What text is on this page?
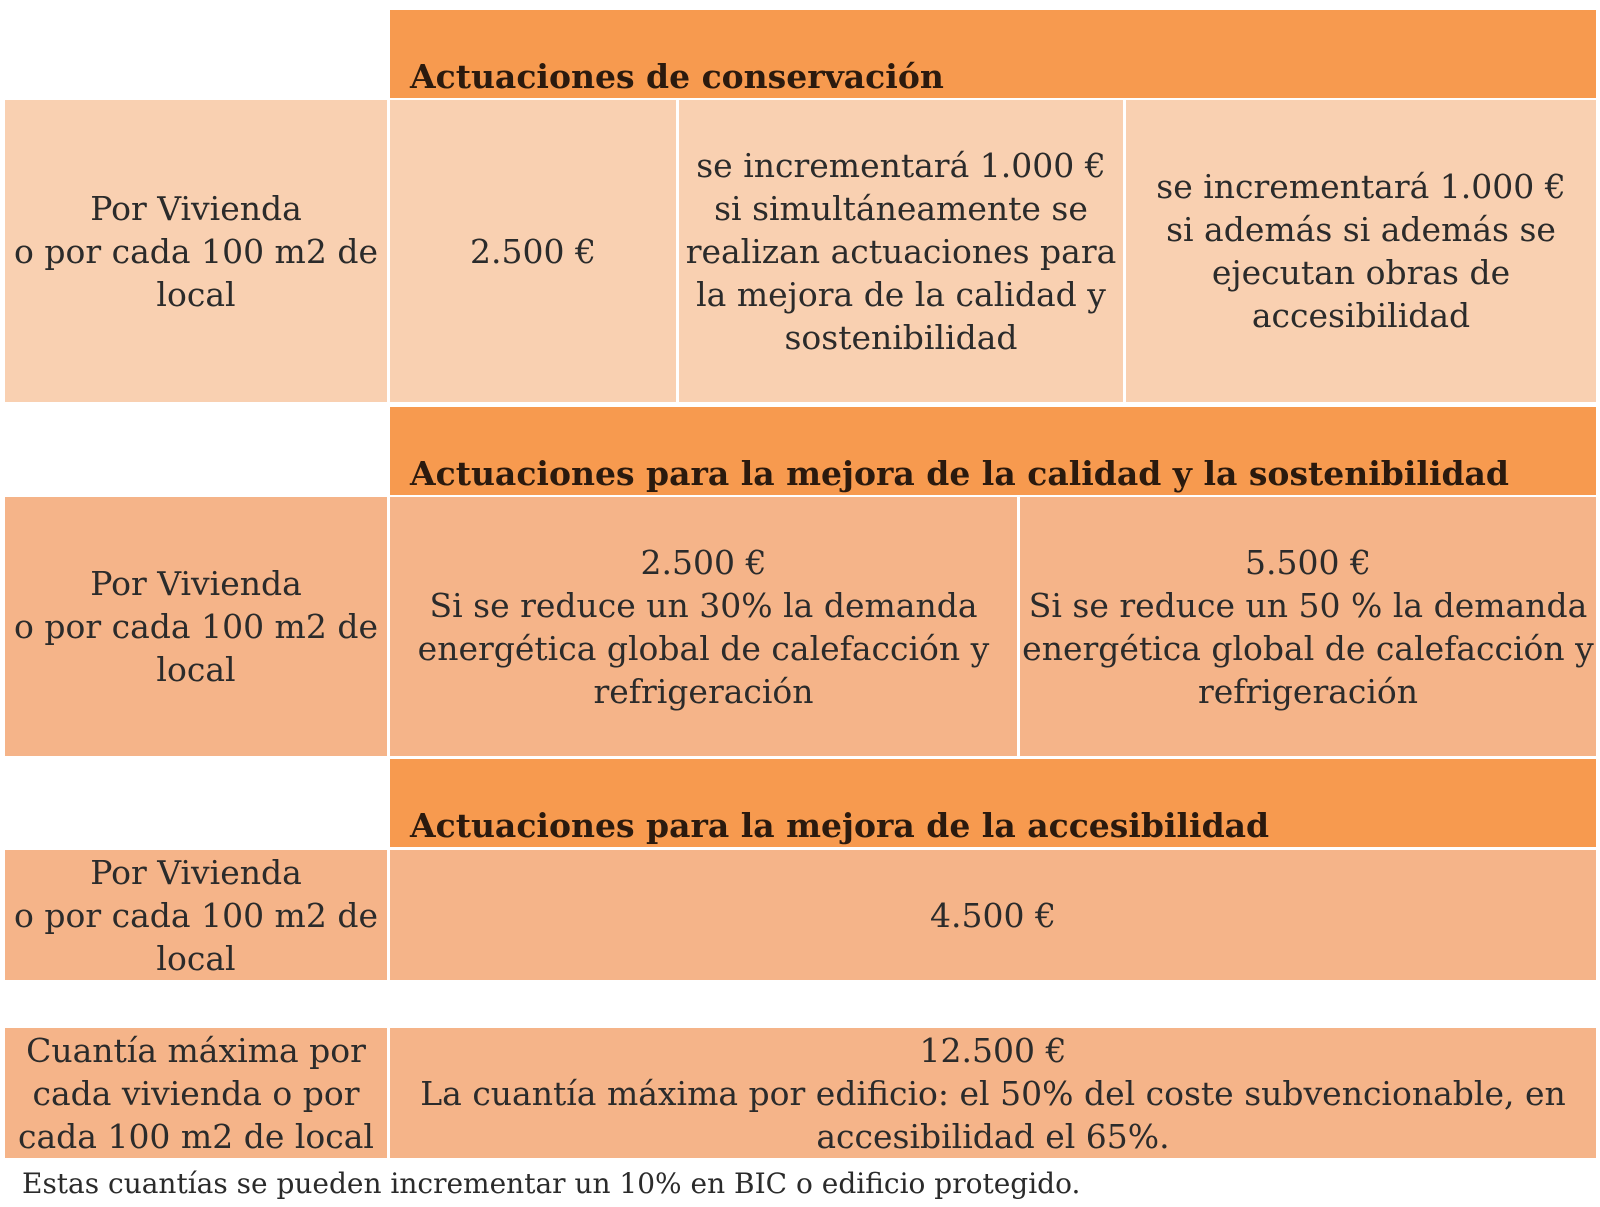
Actuaciones de conservación
Por Vivienda
o por cada 100 m2 de
local
2.500 €
se incrementará 1.000 €
si simultáneamente se
realizan actuaciones para
la mejora de la calidad y
sostenibilidad
se incrementará 1.000 €
si además si además se
ejecutan obras de
accesibilidad
Actuaciones para la mejora de la calidad y la sostenibilidad
Por Vivienda
o por cada 100 m2 de
local
2.500 €
Si se reduce un 30% la demanda
energética global de calefacción y
refrigeración
5.500 €
Si se reduce un 50 % la demanda
energética global de calefacción y
refrigeración
Actuaciones para la mejora de la accesibilidad
Por Vivienda
o por cada 100 m2 de
local
4.500 €
Cuantía máxima por
cada vivienda o por
cada 100 m2 de local
12.500 €
La cuantía máxima por edificio: el 50% del coste subvencionable, en
accesibilidad el 65%.
Estas cuantías se pueden incrementar un 10% en BIC o edificio protegido.
